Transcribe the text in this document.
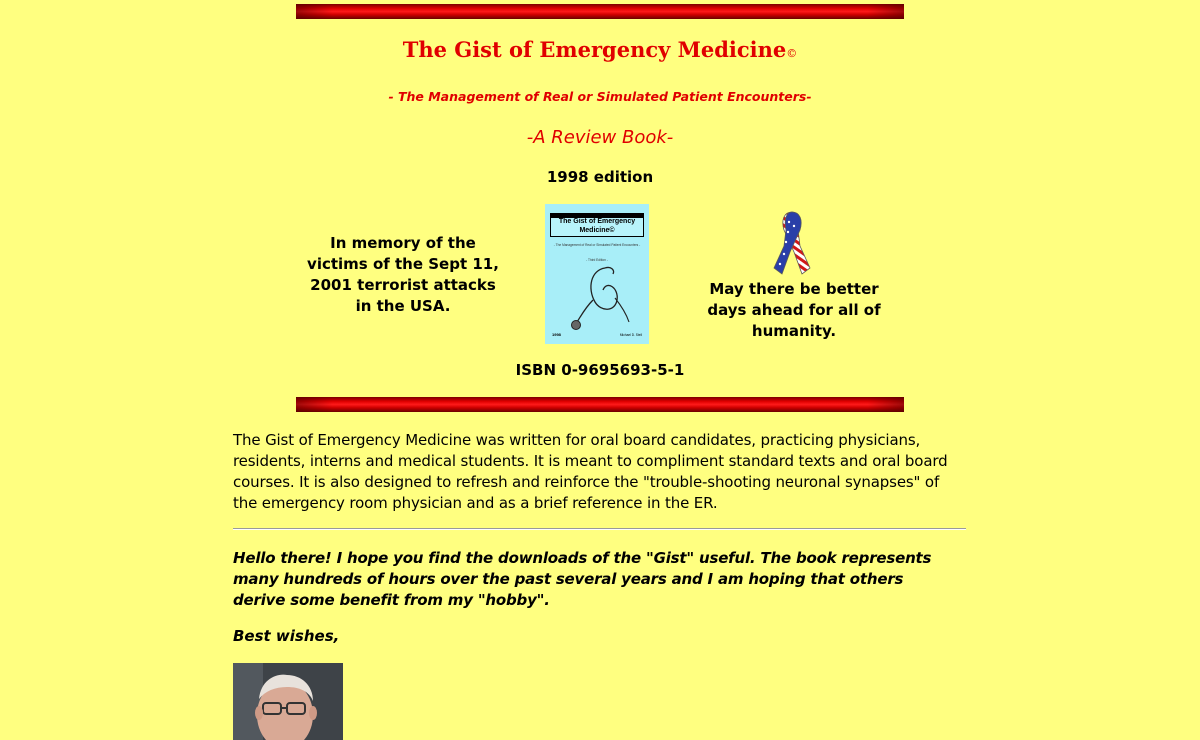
The Gist of Emergency Medicine©
- The Management of Real or Simulated Patient Encounters-
-A Review Book-
1998 edition
In memory of the victims of the Sept 11, 2001 terrorist attacks in the USA.
The Gist of Emergency Medicine©
- The Management of Real or Simulated Patient Encounters -
- Third Edition -
1998	Michael D. Stell
May there be better days ahead for all of humanity.
ISBN 0-9695693-5-1
The Gist of Emergency Medicine was written for oral board candidates, practicing physicians, residents, interns and medical students. It is meant to compliment standard texts and oral board courses. It is also designed to refresh and reinforce the "trouble-shooting neuronal synapses" of the emergency room physician and as a brief reference in the ER.
Hello there! I hope you find the downloads of the "Gist" useful. The book represents many hundreds of hours over the past several years and I am hoping that others derive some benefit from my "hobby".
Best wishes,
